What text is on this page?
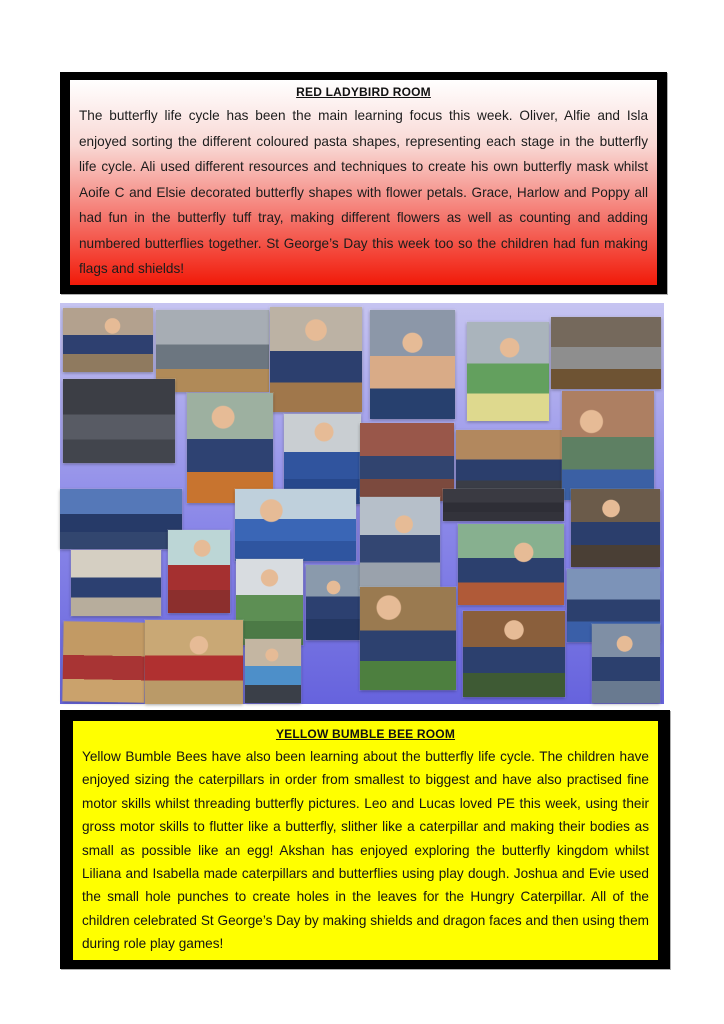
RED LADYBIRD ROOM

The butterfly life cycle has been the main learning focus this week. Oliver, Alfie and Isla enjoyed sorting the different coloured pasta shapes, representing each stage in the butterfly life cycle. Ali used different resources and techniques to create his own butterfly mask whilst Aoife C and Elsie decorated butterfly shapes with flower petals. Grace, Harlow and Poppy all had fun in the butterfly tuff tray, making different flowers as well as counting and adding numbered butterflies together. St George’s Day this week too so the children had fun making flags and shields!

YELLOW BUMBLE BEE ROOM

Yellow Bumble Bees have also been learning about the butterfly life cycle. The children have enjoyed sizing the caterpillars in order from smallest to biggest and have also practised fine motor skills whilst threading butterfly pictures. Leo and Lucas loved PE this week, using their gross motor skills to flutter like a butterfly, slither like a caterpillar and making their bodies as small as possible like an egg! Akshan has enjoyed exploring the butterfly kingdom whilst Liliana and Isabella made caterpillars and butterflies using play dough. Joshua and Evie used the small hole punches to create holes in the leaves for the Hungry Caterpillar. All of the children celebrated St George’s Day by making shields and dragon faces and then using them during role play games!
